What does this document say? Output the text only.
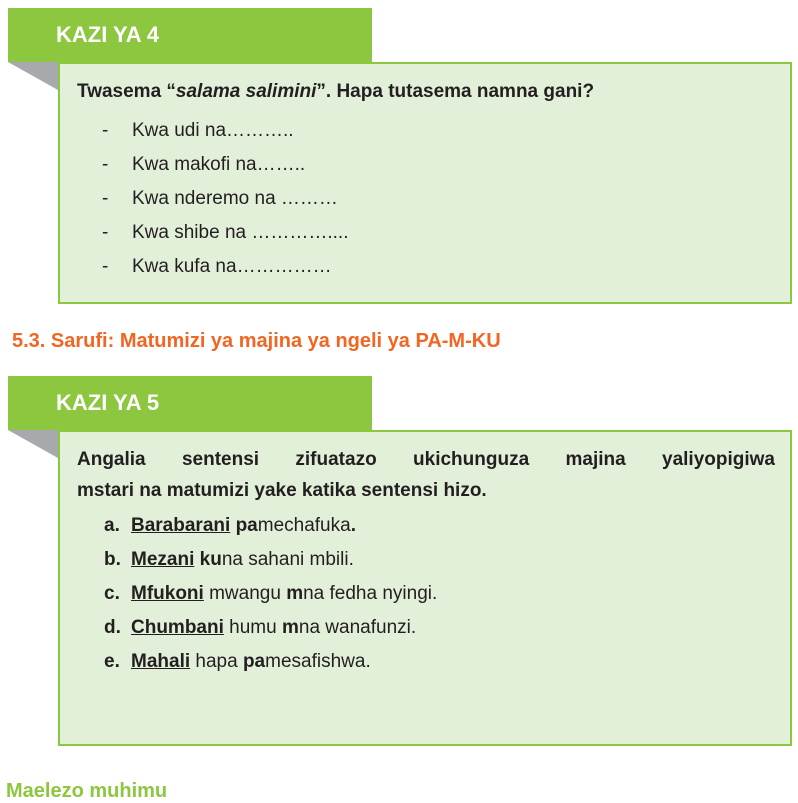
KAZI YA 4
Twasema “salama salimini”. Hapa tutasema namna gani?
-	Kwa udi na………..
-	Kwa makofi na……..
-	Kwa nderemo na ………
-	Kwa shibe na …………....
-	Kwa kufa na……………
5.3. Sarufi: Matumizi ya majina ya ngeli ya PA-M-KU
KAZI YA 5
Angalia sentensi zifuatazo ukichunguza majina yaliyopigiwa
mstari na matumizi yake katika sentensi hizo.
a. Barabarani pamechafuka.
b. Mezani kuna sahani mbili.
c. Mfukoni mwangu mna fedha nyingi.
d. Chumbani humu mna wanafunzi.
e. Mahali hapa pamesafishwa.
Maelezo muhimu
